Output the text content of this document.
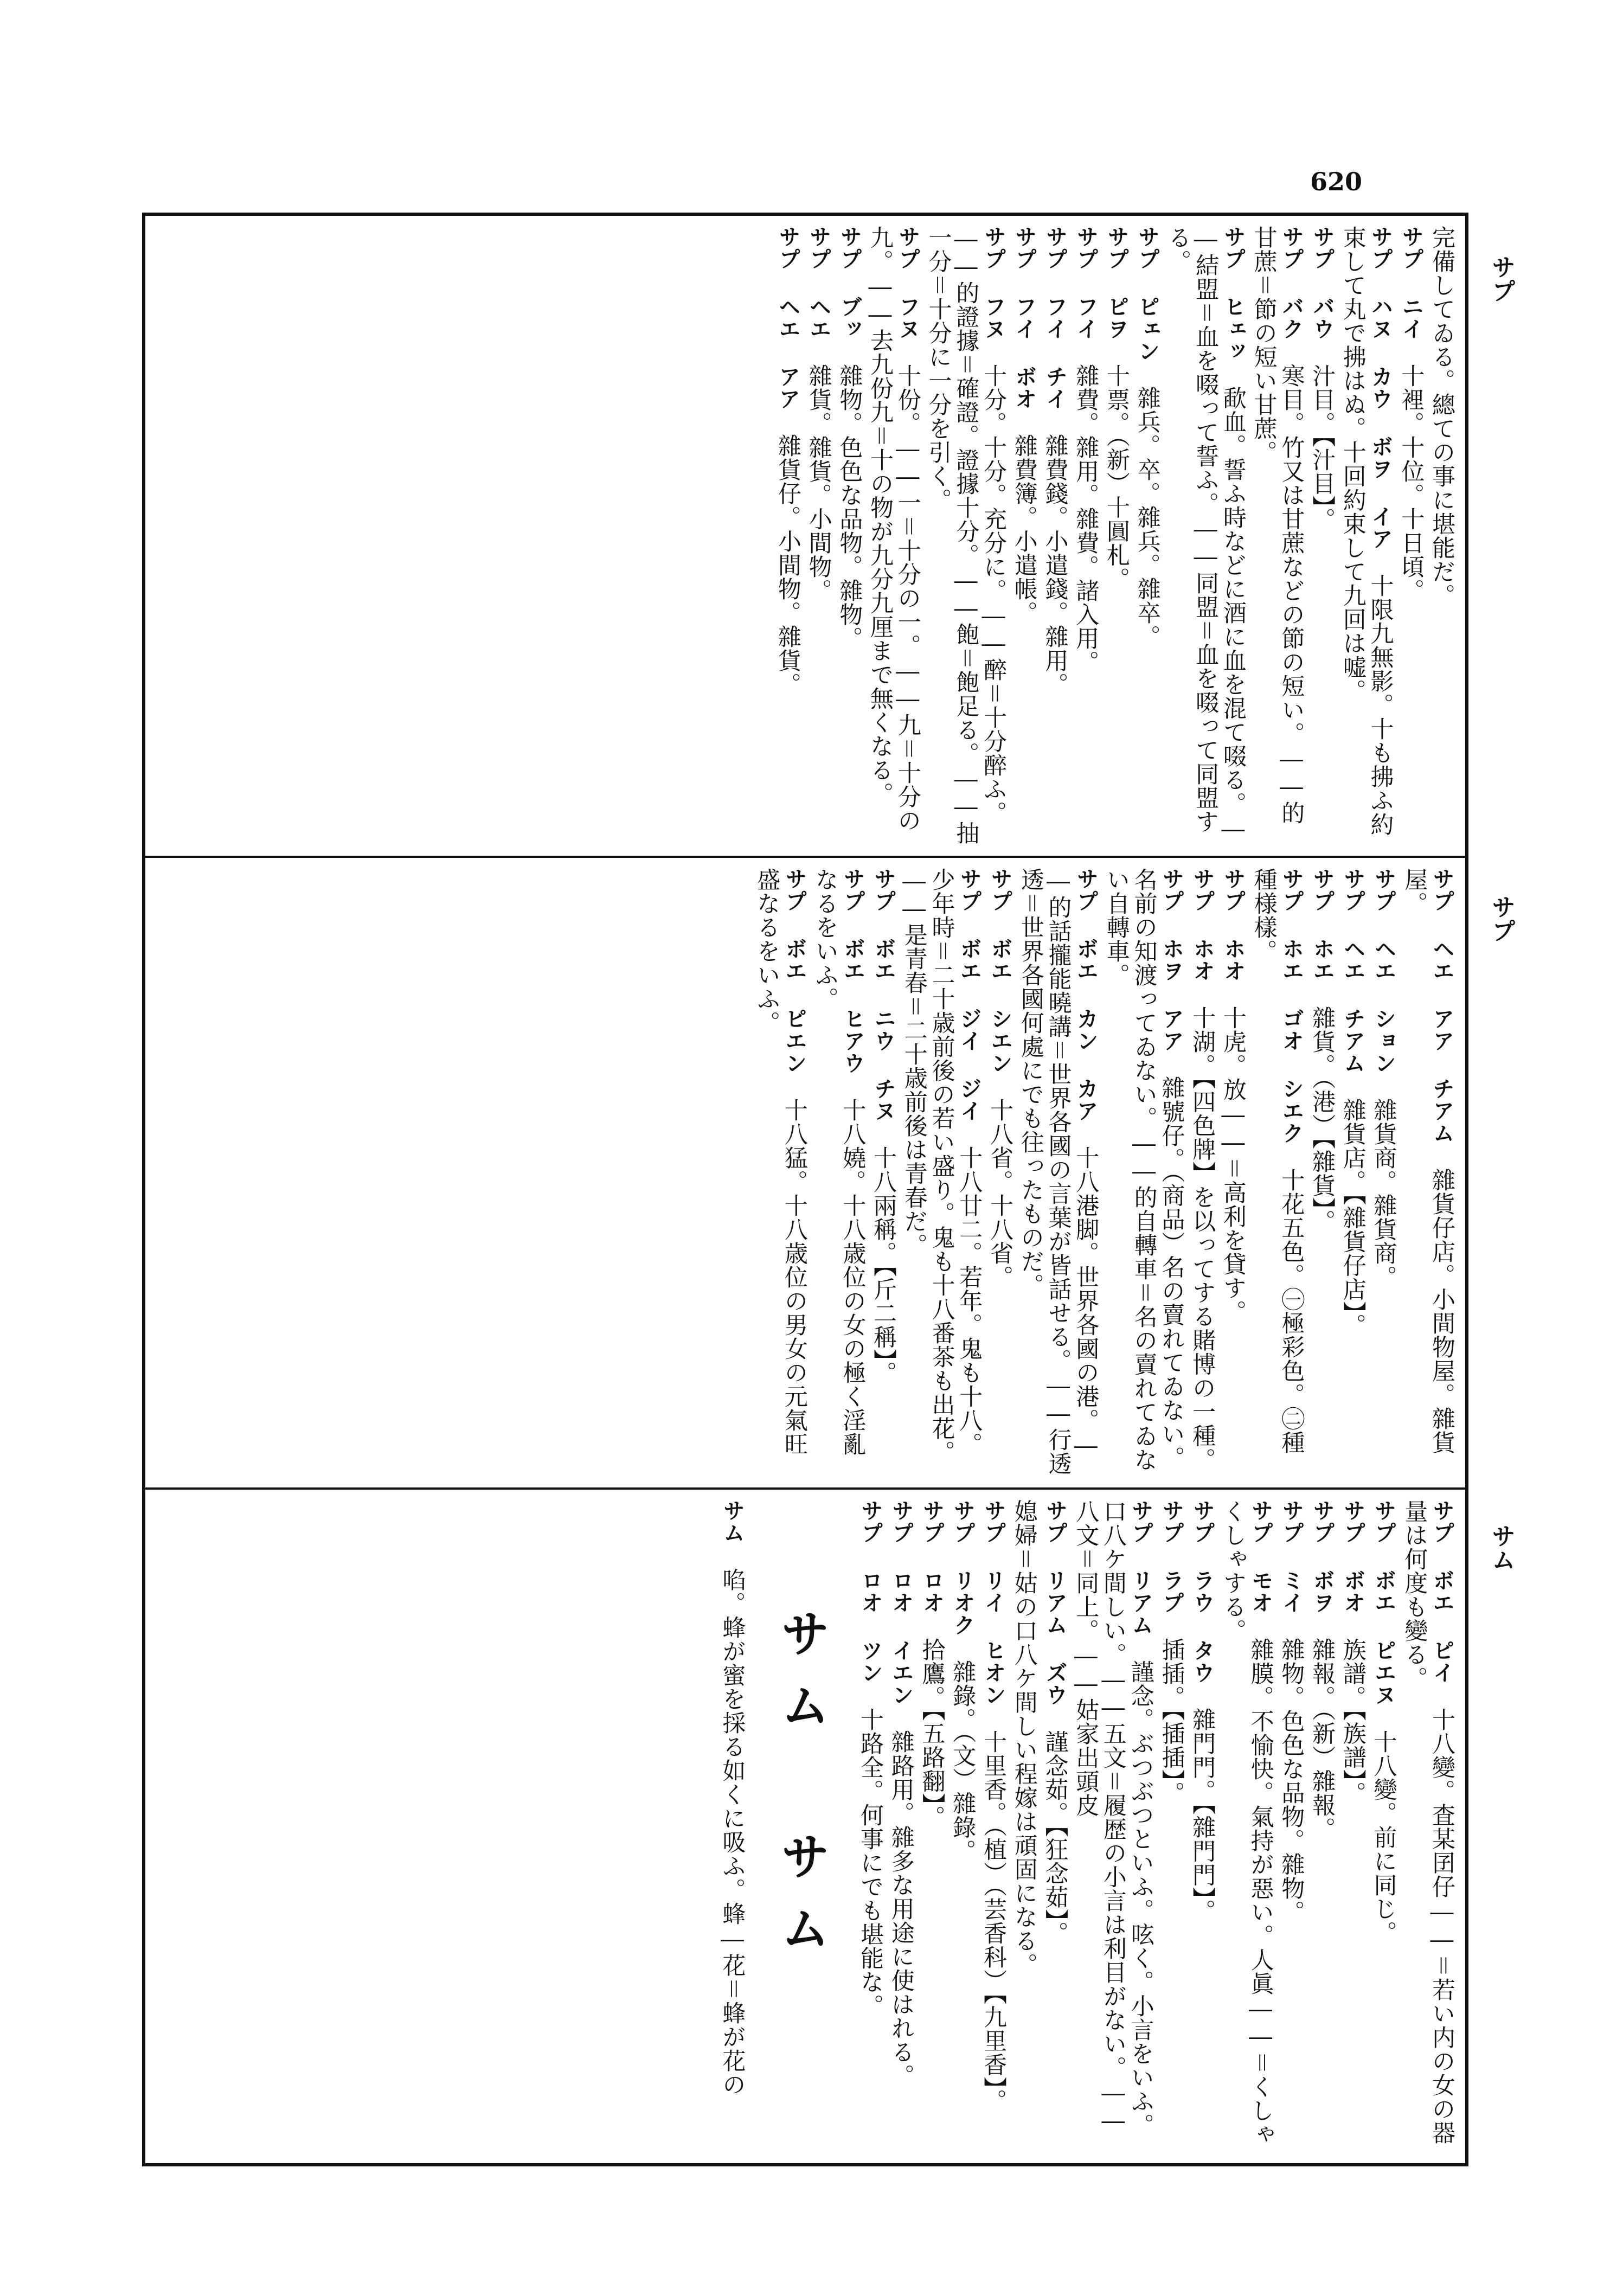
620
サプ
サプ
サム
完備してゐる。總ての事に堪能だ。
サプ ニイ　十裡。十位。十日頃。
サプ ハヌ カウ ボヲ イア　十限九無影。十も拂ふ約束して丸で拂はぬ。十回約束して九回は嘘。
サプ バウ　汁目。【汁目】。
サプ バク　寒目。竹又は甘蔗などの節の短い。――的甘蔗＝節の短い甘蔗。
サプ ヒェッ　歃血。誓ふ時などに酒に血を混て啜る。――結盟＝血を啜って誓ふ。――同盟＝血を啜って同盟する。
サプ ピェン　雜兵。卒。雜兵。雜卒。
サプ ピヲ　十票。（新）十圓札。
サプ フイ　雜費。雜用。雜費。諸入用。
サプ フイ チイ　雜費錢。小遣錢。雜用。
サプ フイ ボオ　雜費簿。小遣帳。
サプ フヌ　十分。十分。充分に。――醉＝十分醉ふ。――的證據＝確證。證據十分。――飽＝飽足る。――抽一分＝十分に一分を引く。
サプ フヌ　十份。――一＝十分の一。――九＝十分の九。――去九份九＝十の物が九分九厘まで無くなる。
サプ ブッ　雜物。色色な品物。雜物。
サプ ヘエ　雜貨。雜貨。小間物。
サプ ヘエ アア　雜貨仔。小間物。雜貨。
サプ ヘエ アア チアム　雜貨仔店。小間物屋。雜貨屋。
サプ ヘエ ション　雜貨商。雜貨商。
サプ ヘエ チアム　雜貨店。【雜貨仔店】。
サプ ホエ　雜貨。（港）【雜貨】。
サプ ホエ ゴオ シエク　十花五色。㊀極彩色。㊁種種様樣。
サプ ホオ　十虎。放――＝高利を貸す。
サプ ホオ　十湖。【四色牌】を以ってする賭博の一種。
サプ ホヲ アア　雜號仔。（商品）名の賣れてゐない。名前の知渡ってゐない。――的自轉車＝名の賣れてゐない自轉車。
サプ ボエ カン カア　十八港脚。世界各國の港。――的話攏能曉講＝世界各國の言葉が皆話せる。――行透透＝世界各國何處にでも往ったものだ。
サプ ボエ シエン　十八省。十八省。
サプ ボエ ジイ ジイ　十八廿二。若年。鬼も十八。少年時＝二十歳前後の若い盛り。鬼も十八番茶も出花。――是青春＝二十歳前後は青春だ。
サプ ボエ ニウ チヌ　十八兩稱。【斤二稱】。
サプ ボエ ヒアウ　十八嬈。十八歳位の女の極く淫亂なるをいふ。
サプ ボエ ピエン　十八猛。十八歳位の男女の元氣旺盛なるをいふ。
サプ ボエ ピイ　十八變。査某囝仔――＝若い内の女の器量は何度も變る。
サプ ボエ ピエヌ　十八變。前に同じ。
サプ ボオ　族譜。【族譜】。
サプ ボヲ　雜報。（新）雜報。
サプ ミイ　雜物。色色な品物。雜物。
サプ モオ　雜膜。不愉快。氣持が惡い。人眞――＝くしゃくしゃする。
サプ ラウ タウ　雜門門。【雜門門】。
サプ ラプ　插插。【插插】。
サプ リアム　謹念。ぶつぶつといふ。呟く。小言をいふ。口八ケ間しい。――五文＝履歴の小言は利目がない。――八文＝同上。――姑家出頭皮
サプ リアム ズウ　謹念茹。【狂念茹】。
媳婦＝姑の口八ケ間しい程嫁は頑固になる。
サプ リイ ヒオン　十里香。（植）（芸香科）【九里香】。
サプ リオク　雜錄。（文）雜錄。
サプ ロオ　拾鷹。【五路翻】。
サプ ロオ イエン　雜路用。雜多な用途に使はれる。
サプ ロオ ツン　十路全。何事にでも堪能な。
サム サム
サム　啗。蜂が蜜を採る如くに吸ふ。蜂―花＝蜂が花の
